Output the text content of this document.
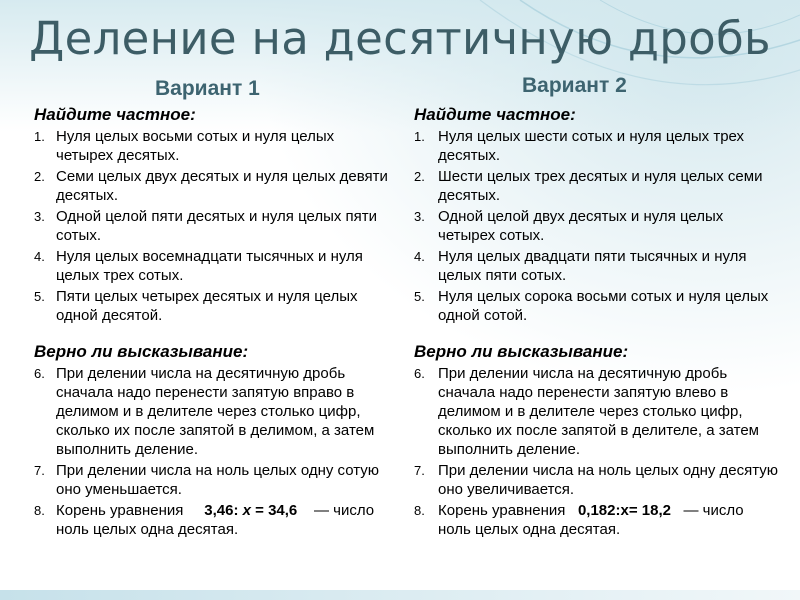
Деление на десятичную дробь
Вариант 1	Вариант 2
Найдите частное:
1. Нуля целых восьми сотых и нуля целых четырех десятых.
2. Семи целых двух десятых и нуля целых девяти десятых.
3. Одной целой пяти десятых и нуля целых пяти сотых.
4. Нуля целых восемнадцати тысячных и нуля целых трех сотых.
5. Пяти целых четырех десятых и нуля целых одной десятой.
Верно ли высказывание:
6. При делении числа на десятичную дробь сначала надо перенести запятую вправо в делимом и в делителе через столько цифр, сколько их после запятой в делимом, а затем выполнить деление.
7. При делении числа на ноль целых одну сотую оно уменьшается.
8. Корень уравнения 3,46: x = 34,6 — число ноль целых одна десятая.
Найдите частное:
1. Нуля целых шести сотых и нуля целых трех десятых.
2. Шести целых трех десятых и нуля целых семи десятых.
3. Одной целой двух десятых и нуля целых четырех сотых.
4. Нуля целых двадцати пяти тысячных и нуля целых пяти сотых.
5. Нуля целых сорока восьми сотых и нуля целых одной сотой.
Верно ли высказывание:
6. При делении числа на десятичную дробь сначала надо перенести запятую влево в делимом и в делителе через столько цифр, сколько их после запятой в делителе, а затем выполнить деление.
7. При делении числа на ноль целых одну десятую оно увеличивается.
8. Корень уравнения 0,182:х= 18,2 — число ноль целых одна десятая.
